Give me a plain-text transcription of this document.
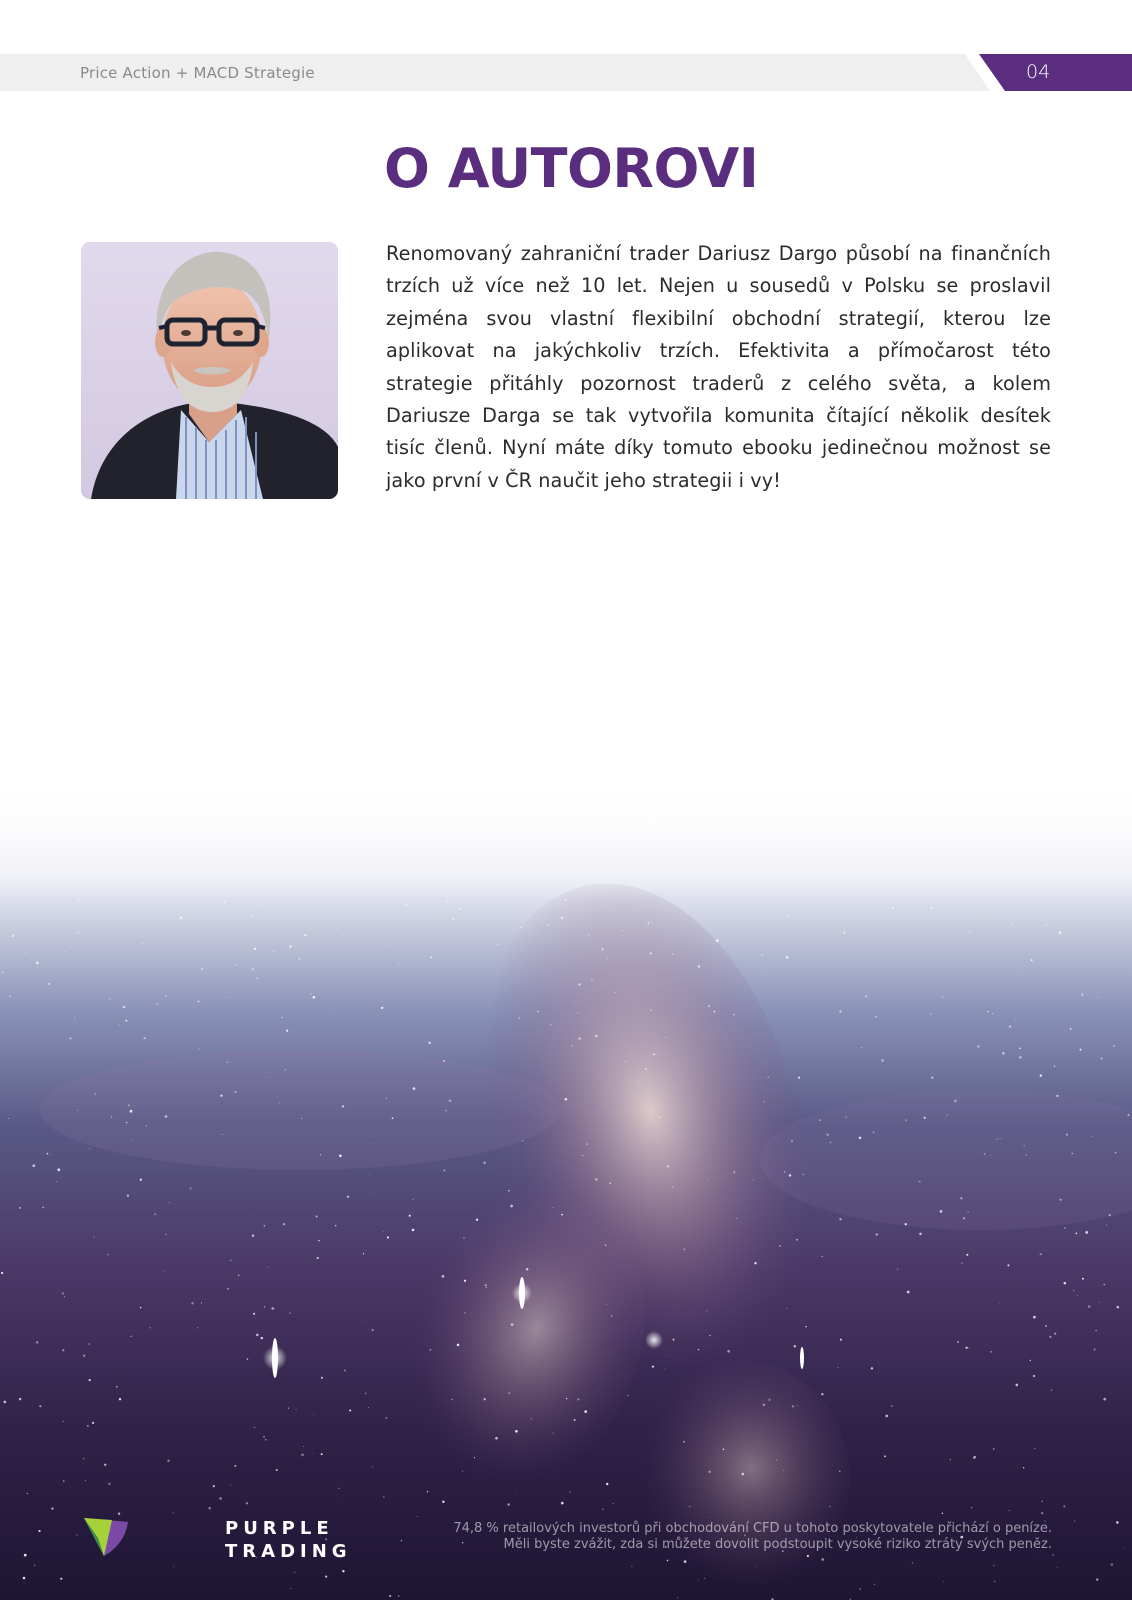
Price Action + MACD Strategie	04
O AUTOROVI

Renomovaný zahraniční trader Dariusz Dargo působí na finančních trzích už více než 10 let. Nejen u sousedů v Polsku se proslavil zejména svou vlastní flexibilní obchodní strategií, kterou lze aplikovat na jakýchkoliv trzích. Efektivita a přímočarost této strategie přitáhly pozornost traderů z celého světa, a kolem Dariusze Darga se tak vytvořila komunita čítající několik desítek tisíc členů. Nyní máte díky tomuto ebooku jedinečnou možnost se jako první v ČR naučit jeho strategii i vy!

PURPLE
TRADING
74,8 % retailových investorů při obchodování CFD u tohoto poskytovatele přichází o peníze.
Měli byste zvážit, zda si můžete dovolit podstoupit vysoké riziko ztráty svých peněz.
